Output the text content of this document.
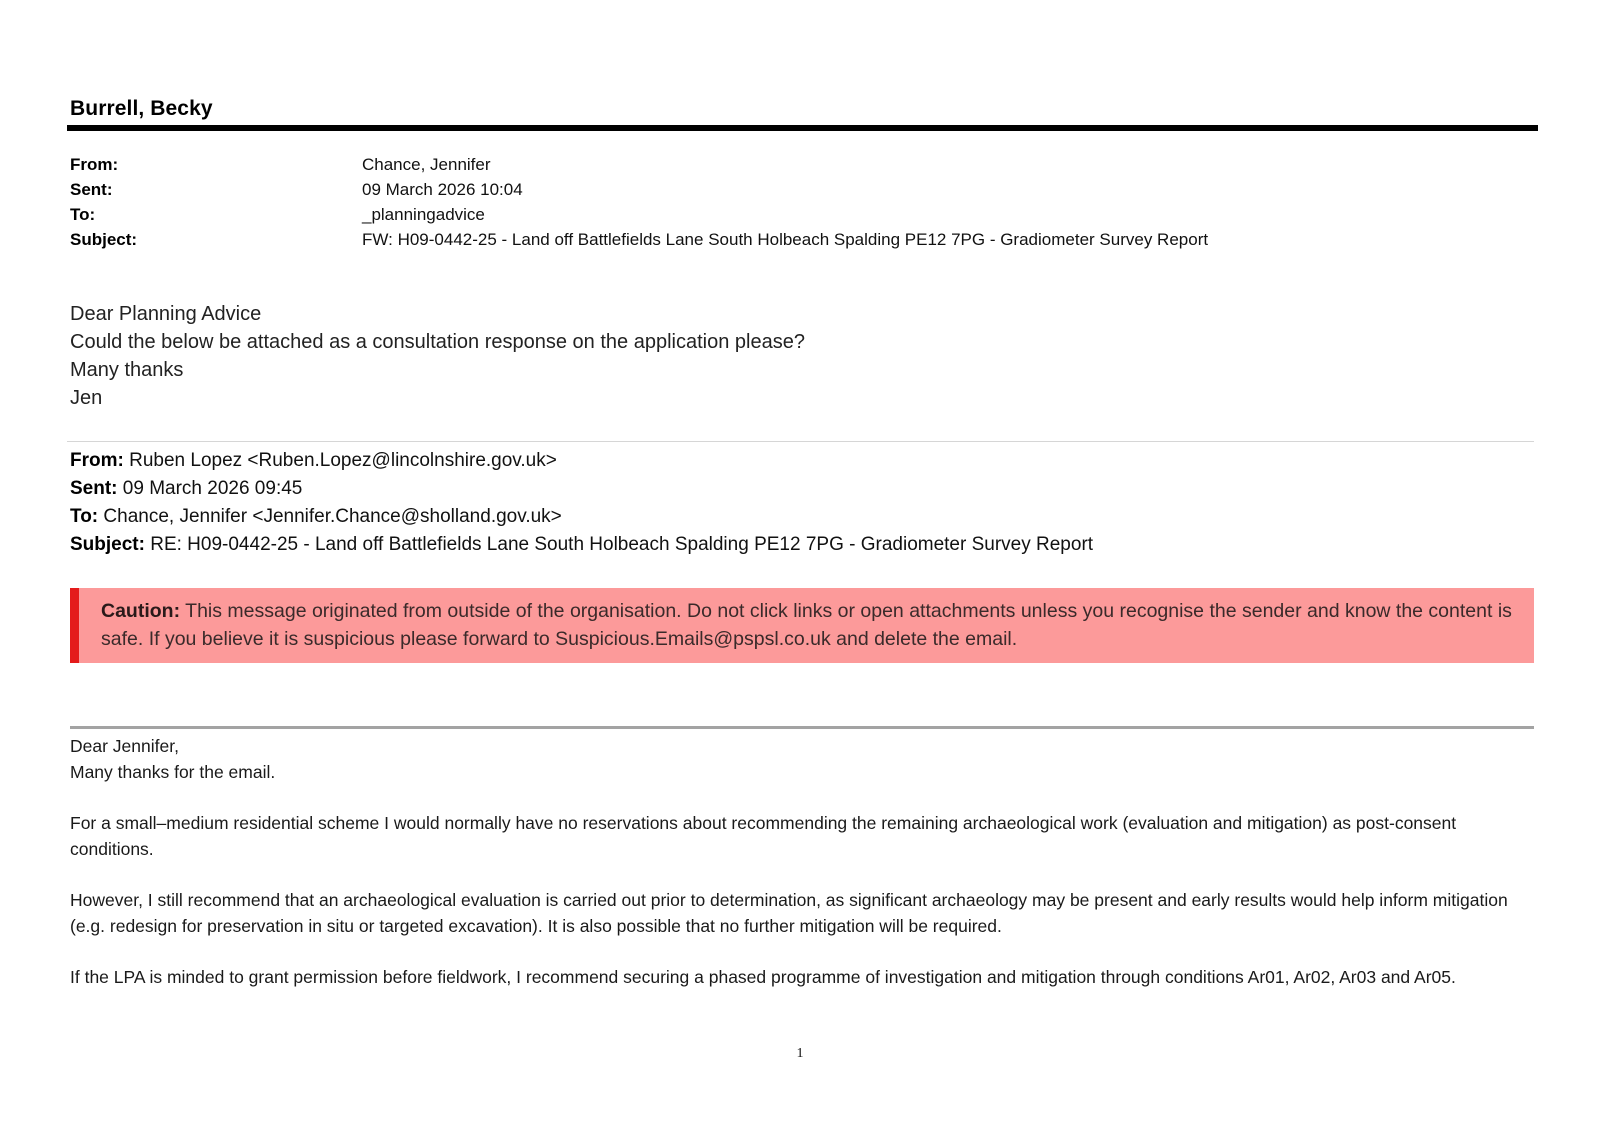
Burrell, Becky
From:	Chance, Jennifer
Sent:	09 March 2026 10:04
To:	_planningadvice
Subject:	FW: H09-0442-25 - Land off Battlefields Lane South Holbeach Spalding PE12 7PG - Gradiometer Survey Report
Dear Planning Advice
Could the below be attached as a consultation response on the application please?
Many thanks
Jen
From: Ruben Lopez <Ruben.Lopez@lincolnshire.gov.uk>
Sent: 09 March 2026 09:45
To: Chance, Jennifer <Jennifer.Chance@sholland.gov.uk>
Subject: RE: H09-0442-25 - Land off Battlefields Lane South Holbeach Spalding PE12 7PG - Gradiometer Survey Report
Caution: This message originated from outside of the organisation. Do not click links or open attachments unless you recognise the sender and know the content is safe. If you believe it is suspicious please forward to Suspicious.Emails@pspsl.co.uk and delete the email.

Dear Jennifer,

Many thanks for the email.

For a small–medium residential scheme I would normally have no reservations about recommending the remaining archaeological work (evaluation and mitigation) as post-consent conditions.

However, I still recommend that an archaeological evaluation is carried out prior to determination, as significant archaeology may be present and early results would help inform mitigation (e.g. redesign for preservation in situ or targeted excavation). It is also possible that no further mitigation will be required.

If the LPA is minded to grant permission before fieldwork, I recommend securing a phased programme of investigation and mitigation through conditions Ar01, Ar02, Ar03 and Ar05.

1
